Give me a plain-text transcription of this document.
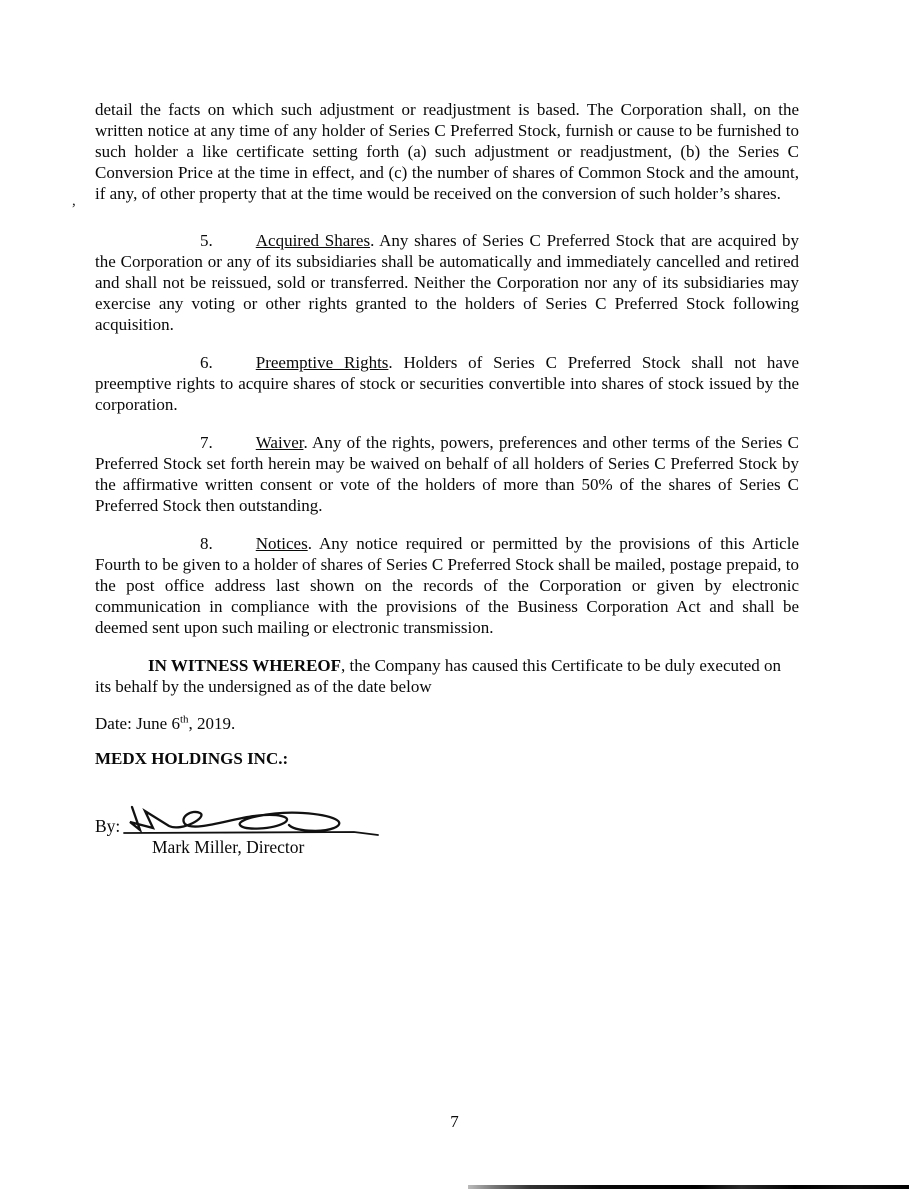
,

detail the facts on which such adjustment or readjustment is based. The Corporation shall, on the written notice at any time of any holder of Series C Preferred Stock, furnish or cause to be furnished to such holder a like certificate setting forth (a) such adjustment or readjustment, (b) the Series C Conversion Price at the time in effect, and (c) the number of shares of Common Stock and the amount, if any, of other property that at the time would be received on the conversion of such holder’s shares.

5.	Acquired Shares. Any shares of Series C Preferred Stock that are acquired by the Corporation or any of its subsidiaries shall be automatically and immediately cancelled and retired and shall not be reissued, sold or transferred. Neither the Corporation nor any of its subsidiaries may exercise any voting or other rights granted to the holders of Series C Preferred Stock following acquisition.

6.	Preemptive Rights. Holders of Series C Preferred Stock shall not have preemptive rights to acquire shares of stock or securities convertible into shares of stock issued by the corporation.

7.	Waiver. Any of the rights, powers, preferences and other terms of the Series C Preferred Stock set forth herein may be waived on behalf of all holders of Series C Preferred Stock by the affirmative written consent or vote of the holders of more than 50% of the shares of Series C Preferred Stock then outstanding.

8.	Notices. Any notice required or permitted by the provisions of this Article Fourth to be given to a holder of shares of Series C Preferred Stock shall be mailed, postage prepaid, to the post office address last shown on the records of the Corporation or given by electronic communication in compliance with the provisions of the Business Corporation Act and shall be deemed sent upon such mailing or electronic transmission.

IN WITNESS WHEREOF, the Company has caused this Certificate to be duly executed on its behalf by the undersigned as of the date below

Date: June 6th, 2019.

MEDX HOLDINGS INC.:

By:
Mark Miller, Director
7
